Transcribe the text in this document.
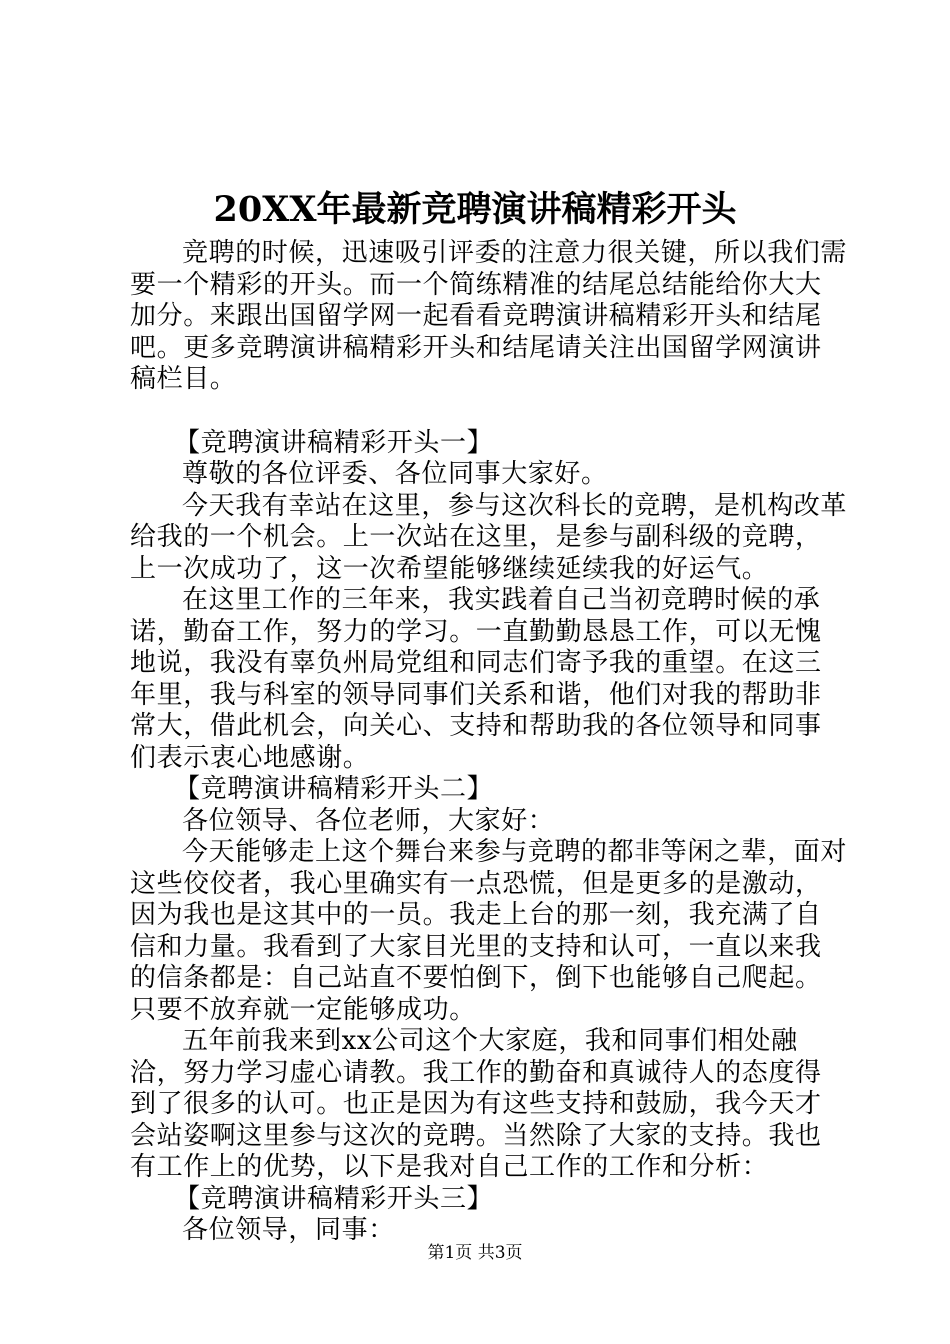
20XX年最新竞聘演讲稿精彩开头

竞聘的时候，迅速吸引评委的注意力很关键，所以我们需要一个精彩的开头。而一个简练精准的结尾总结能给你大大加分。来跟出国留学网一起看看竞聘演讲稿精彩开头和结尾吧。更多竞聘演讲稿精彩开头和结尾请关注出国留学网演讲稿栏目。

【竞聘演讲稿精彩开头一】

尊敬的各位评委、各位同事大家好。

今天我有幸站在这里，参与这次科长的竞聘，是机构改革给我的一个机会。上一次站在这里，是参与副科级的竞聘，上一次成功了，这一次希望能够继续延续我的好运气。

在这里工作的三年来，我实践着自己当初竞聘时候的承诺，勤奋工作，努力的学习。一直勤勤恳恳工作，可以无愧地说，我没有辜负州局党组和同志们寄予我的重望。在这三年里，我与科室的领导同事们关系和谐，他们对我的帮助非常大，借此机会，向关心、支持和帮助我的各位领导和同事们表示衷心地感谢。

【竞聘演讲稿精彩开头二】

各位领导、各位老师，大家好：

今天能够走上这个舞台来参与竞聘的都非等闲之辈，面对这些佼佼者，我心里确实有一点恐慌，但是更多的是激动，因为我也是这其中的一员。我走上台的那一刻，我充满了自信和力量。我看到了大家目光里的支持和认可，一直以来我的信条都是：自己站直不要怕倒下，倒下也能够自己爬起。只要不放弃就一定能够成功。

五年前我来到xx公司这个大家庭，我和同事们相处融洽，努力学习虚心请教。我工作的勤奋和真诚待人的态度得到了很多的认可。也正是因为有这些支持和鼓励，我今天才会站姿啊这里参与这次的竞聘。当然除了大家的支持。我也有工作上的优势，以下是我对自己工作的工作和分析：

【竞聘演讲稿精彩开头三】

各位领导，同事：

第1页 共3页
